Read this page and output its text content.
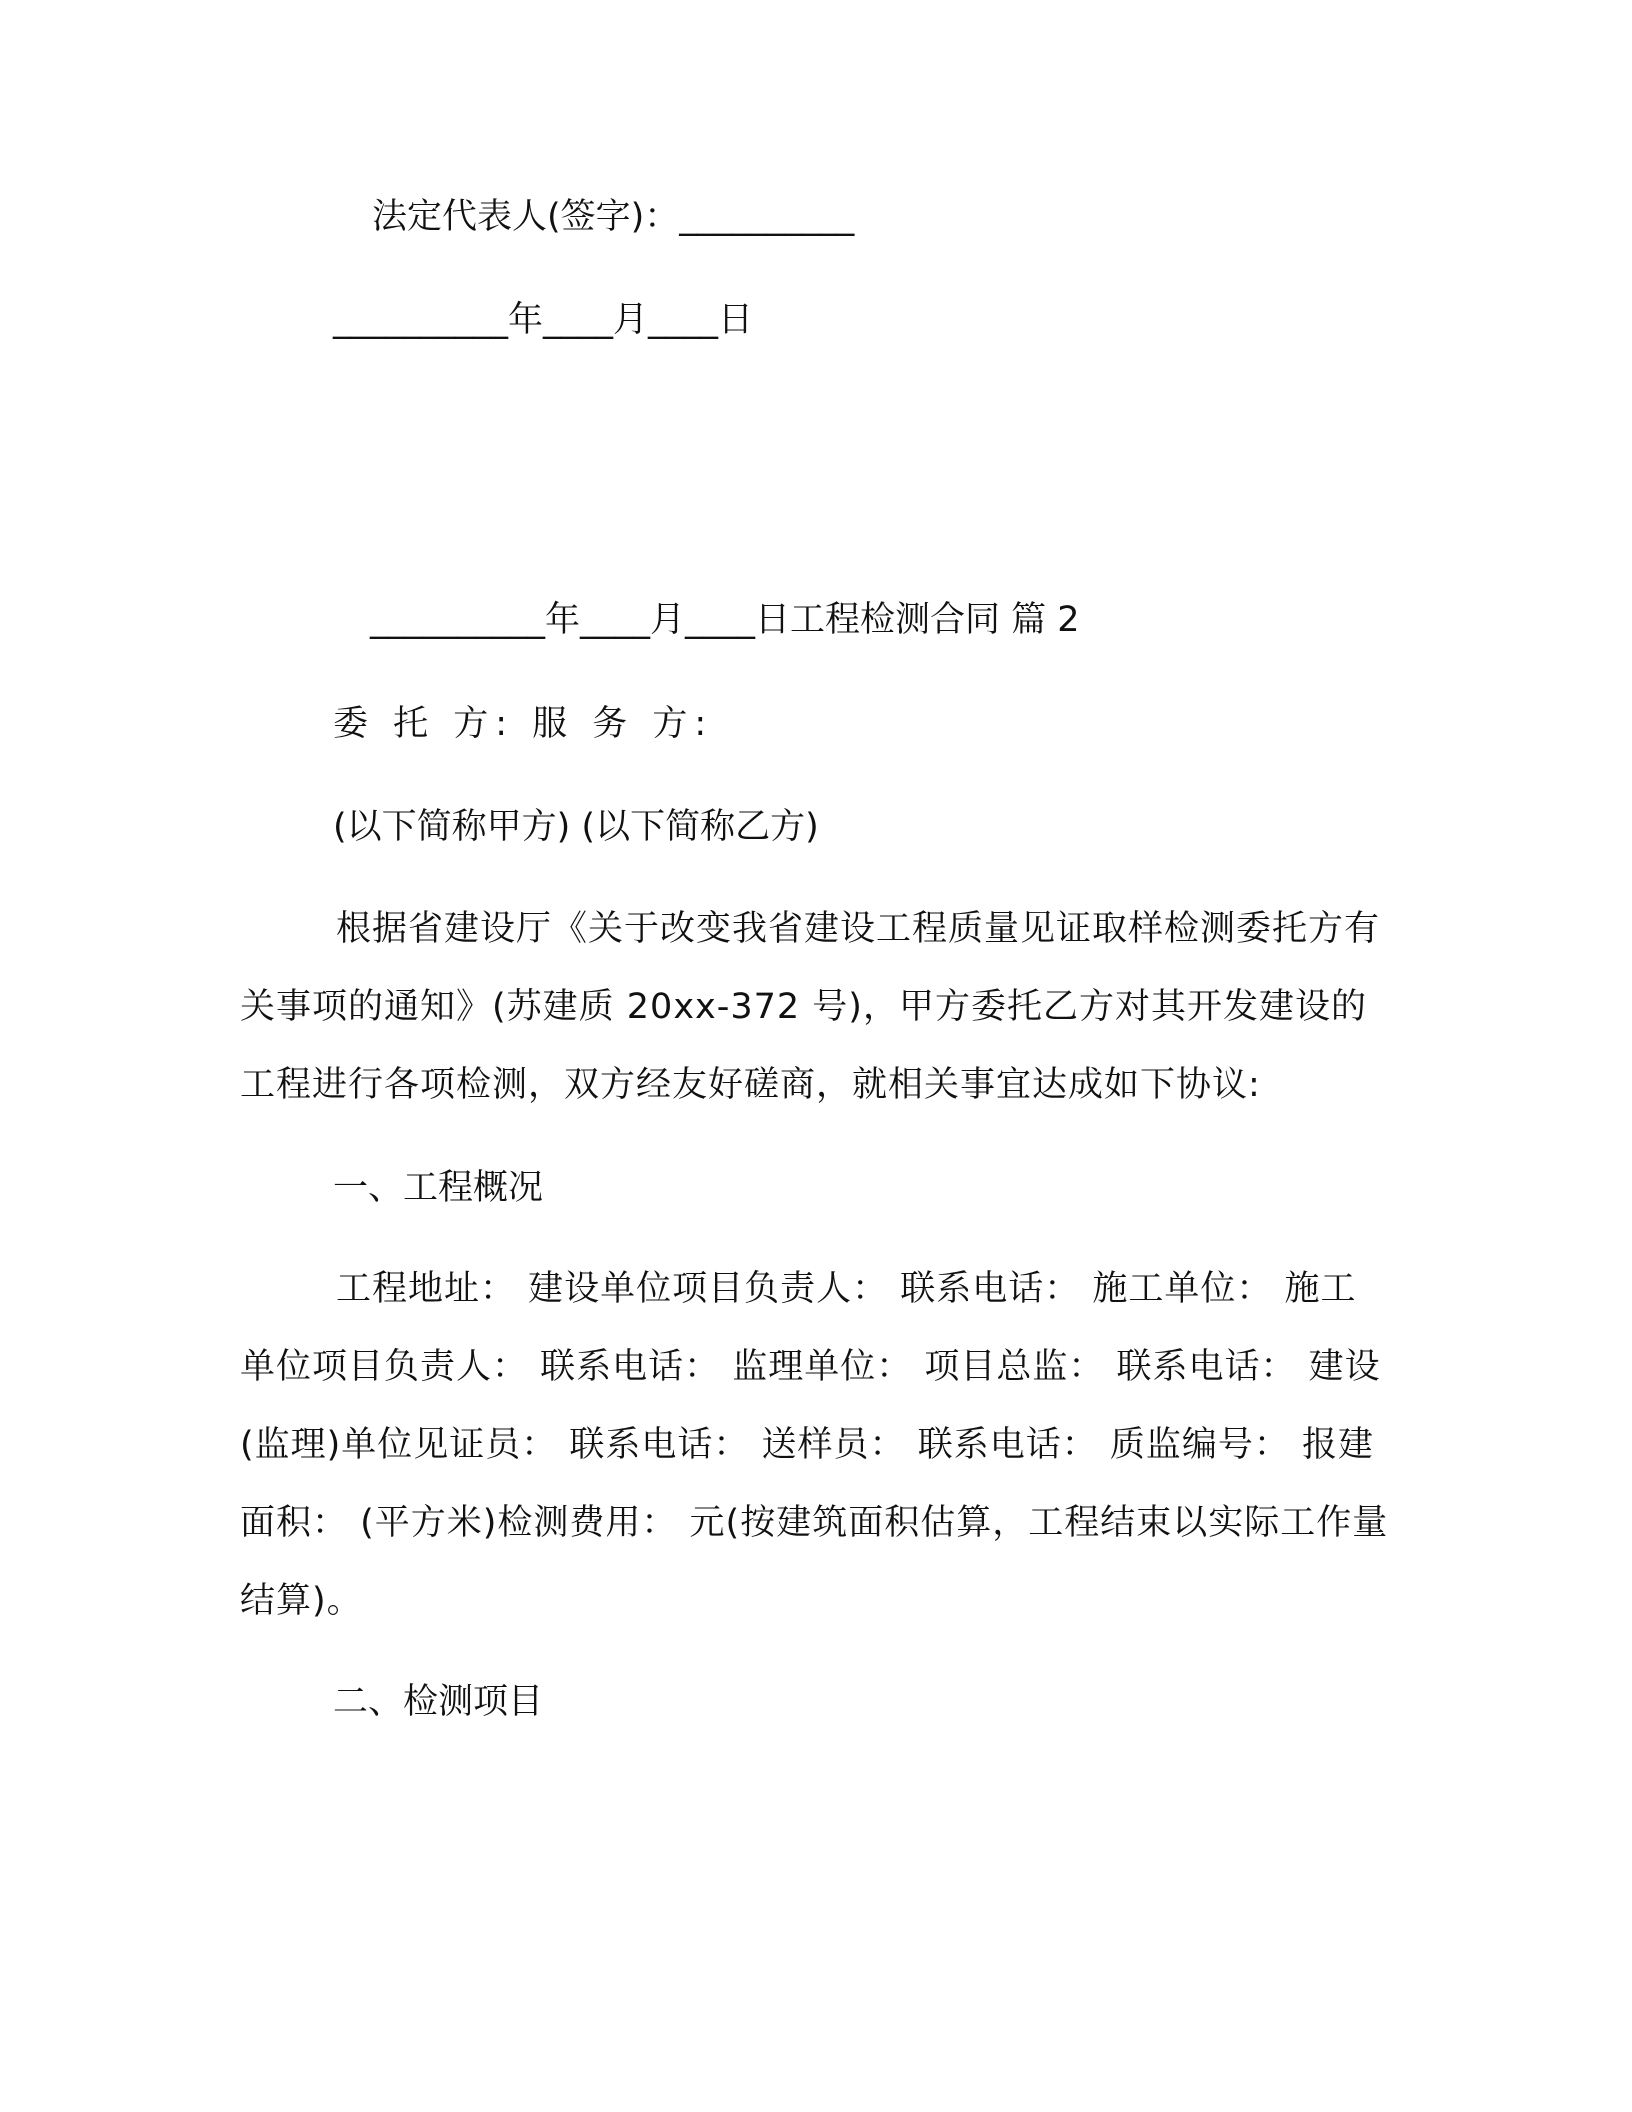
法定代表人(签字)：__________
__________年____月____日
__________年____月____日工程检测合同 篇 2
委 托 方: 服 务 方:
(以下简称甲方) (以下简称乙方)
根据省建设厅《关于改变我省建设工程质量见证取样检测委托方有关事项的通知》(苏建质 20xx-372 号)，甲方委托乙方对其开发建设的 工程进行各项检测，双方经友好磋商，就相关事宜达成如下协议:
一、工程概况
工程地址： 建设单位项目负责人： 联系电话： 施工单位： 施工单位项目负责人： 联系电话： 监理单位： 项目总监： 联系电话： 建设(监理)单位见证员： 联系电话： 送样员： 联系电话： 质监编号： 报建面积： (平方米)检测费用： 元(按建筑面积估算，工程结束以实际工作量结算)。
二、检测项目
